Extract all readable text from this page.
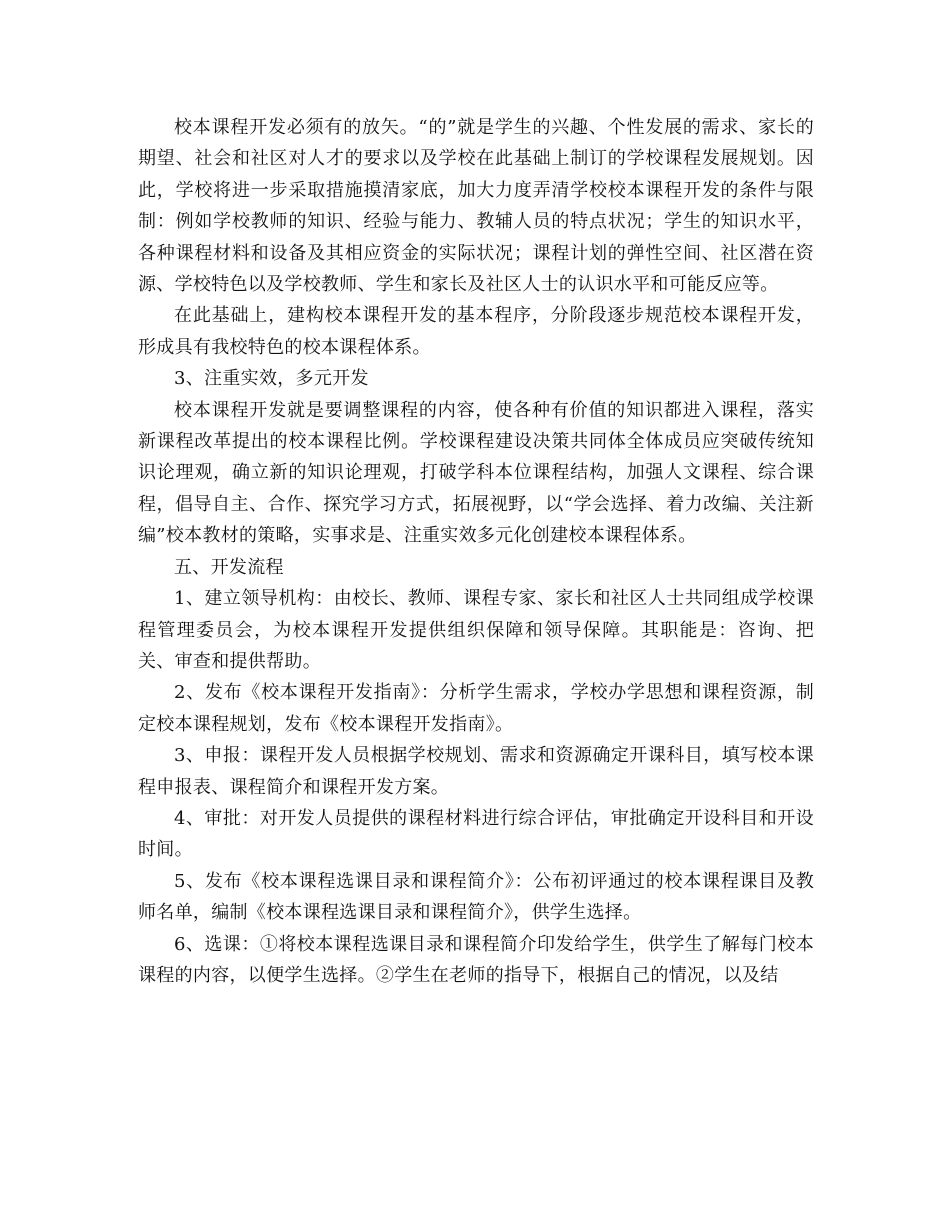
校本课程开发必须有的放矢。“的”就是学生的兴趣、个性发展的需求、家长的期望、社会和社区对人才的要求以及学校在此基础上制订的学校课程发展规划。因此，学校将进一步采取措施摸清家底，加大力度弄清学校校本课程开发的条件与限制：例如学校教师的知识、经验与能力、教辅人员的特点状况；学生的知识水平，各种课程材料和设备及其相应资金的实际状况；课程计划的弹性空间、社区潜在资源、学校特色以及学校教师、学生和家长及社区人士的认识水平和可能反应等。

在此基础上，建构校本课程开发的基本程序，分阶段逐步规范校本课程开发，形成具有我校特色的校本课程体系。

3、注重实效，多元开发

校本课程开发就是要调整课程的内容，使各种有价值的知识都进入课程，落实新课程改革提出的校本课程比例。学校课程建设决策共同体全体成员应突破传统知识论理观，确立新的知识论理观，打破学科本位课程结构，加强人文课程、综合课程，倡导自主、合作、探究学习方式，拓展视野，以“学会选择、着力改编、关注新编”校本教材的策略，实事求是、注重实效多元化创建校本课程体系。

五、开发流程

1、建立领导机构：由校长、教师、课程专家、家长和社区人士共同组成学校课程管理委员会，为校本课程开发提供组织保障和领导保障。其职能是：咨询、把关、审查和提供帮助。

2、发布《校本课程开发指南》：分析学生需求，学校办学思想和课程资源，制定校本课程规划，发布《校本课程开发指南》。

3、申报：课程开发人员根据学校规划、需求和资源确定开课科目，填写校本课程申报表、课程简介和课程开发方案。

4、审批：对开发人员提供的课程材料进行综合评估，审批确定开设科目和开设时间。

5、发布《校本课程选课目录和课程简介》：公布初评通过的校本课程课目及教师名单，编制《校本课程选课目录和课程简介》，供学生选择。

6、选课：①将校本课程选课目录和课程简介印发给学生，供学生了解每门校本课程的内容，以便学生选择。②学生在老师的指导下，根据自己的情况，以及结
